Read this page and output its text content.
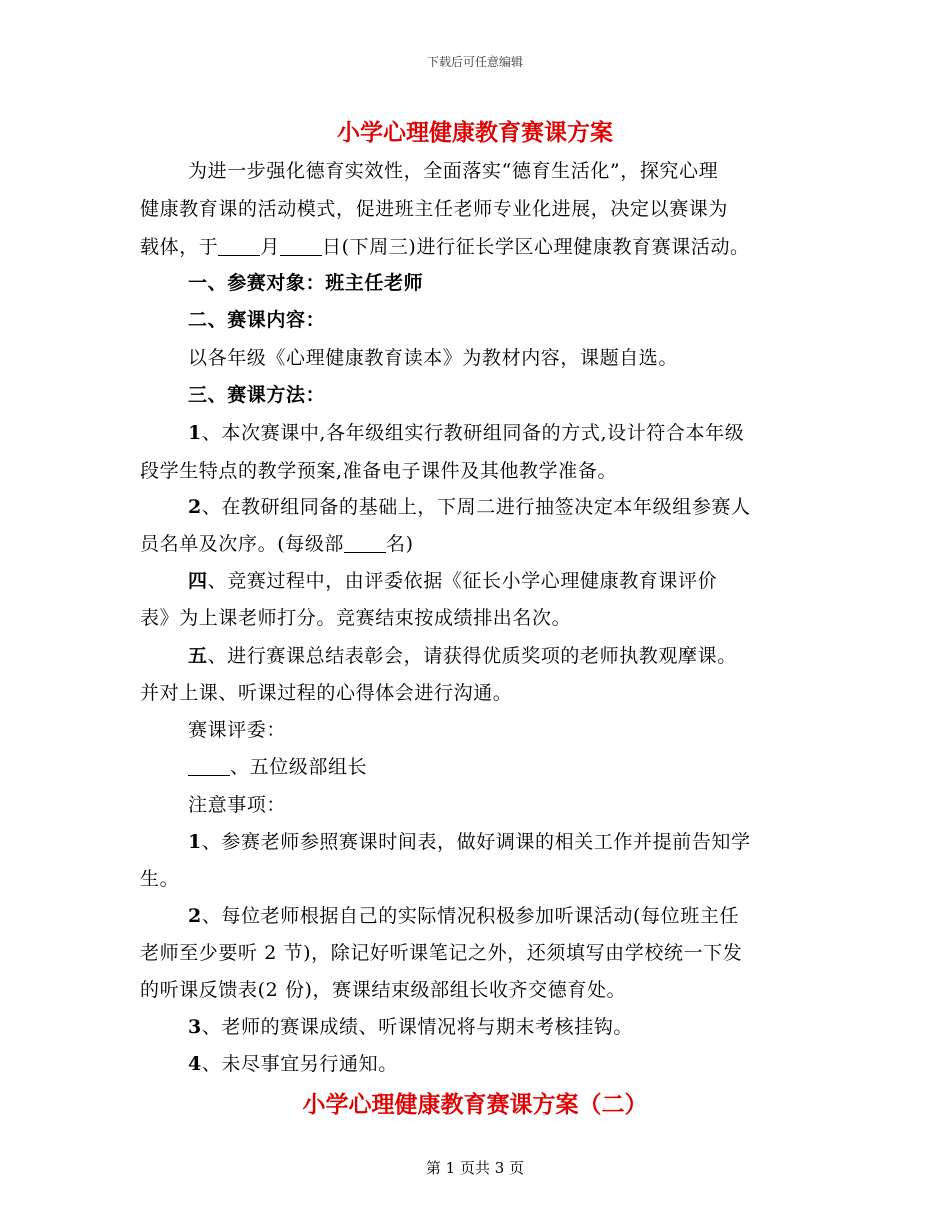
下载后可任意编辑
小学心理健康教育赛课方案
为进一步强化德育实效性，全面落实“德育生活化”，探究心理
健康教育课的活动模式，促进班主任老师专业化进展，决定以赛课为
载体，于 月 日(下周三)进行征长学区心理健康教育赛课活动。
一、参赛对象：班主任老师
二、赛课内容：
以各年级《心理健康教育读本》为教材内容，课题自选。
三、赛课方法：
1、本次赛课中,各年级组实行教研组同备的方式,设计符合本年级
段学生特点的教学预案,准备电子课件及其他教学准备。
2、在教研组同备的基础上，下周二进行抽签决定本年级组参赛人
员名单及次序。(每级部 名)
四、竞赛过程中，由评委依据《征长小学心理健康教育课评价
表》为上课老师打分。竞赛结束按成绩排出名次。
五、进行赛课总结表彰会，请获得优质奖项的老师执教观摩课。
并对上课、听课过程的心得体会进行沟通。
赛课评委：
、五位级部组长
注意事项：
1、参赛老师参照赛课时间表，做好调课的相关工作并提前告知学
生。
2、每位老师根据自己的实际情况积极参加听课活动(每位班主任
老师至少要听 2 节)，除记好听课笔记之外，还须填写由学校统一下发
的听课反馈表(2 份)，赛课结束级部组长收齐交德育处。
3、老师的赛课成绩、听课情况将与期末考核挂钩。
4、未尽事宜另行通知。
小学心理健康教育赛课方案（二）
第 1 页共 3 页
